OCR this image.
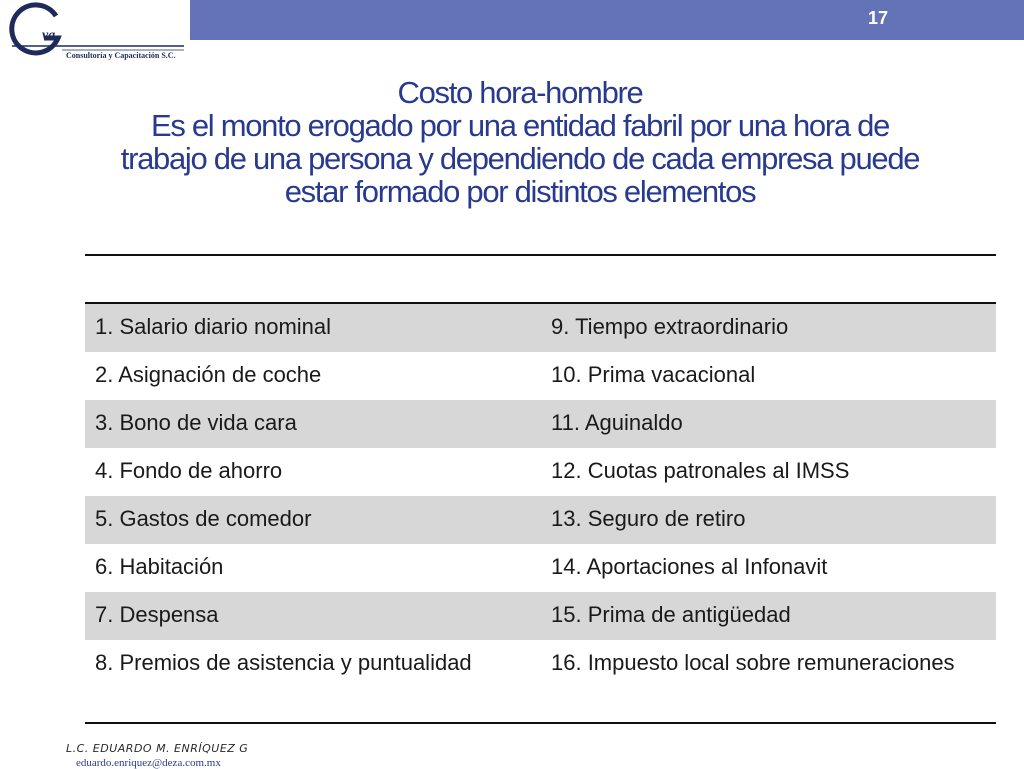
17
va
Consultoría y Capacitación S.C.
Costo hora-hombre
Es el monto erogado por una entidad fabril por una hora de
trabajo de una persona y dependiendo de cada empresa puede
estar formado por distintos elementos
1. Salario diario nominal	9. Tiempo extraordinario
2. Asignación de coche	10. Prima vacacional
3. Bono de vida cara	11. Aguinaldo
4. Fondo de ahorro	12. Cuotas patronales al IMSS
5. Gastos de comedor	13. Seguro de retiro
6. Habitación	14. Aportaciones al Infonavit
7. Despensa	15. Prima de antigüedad
8. Premios de asistencia y puntualidad	16. Impuesto local sobre remuneraciones
L.C. EDUARDO M. ENRÍQUEZ G
eduardo.enriquez@deza.com.mx
